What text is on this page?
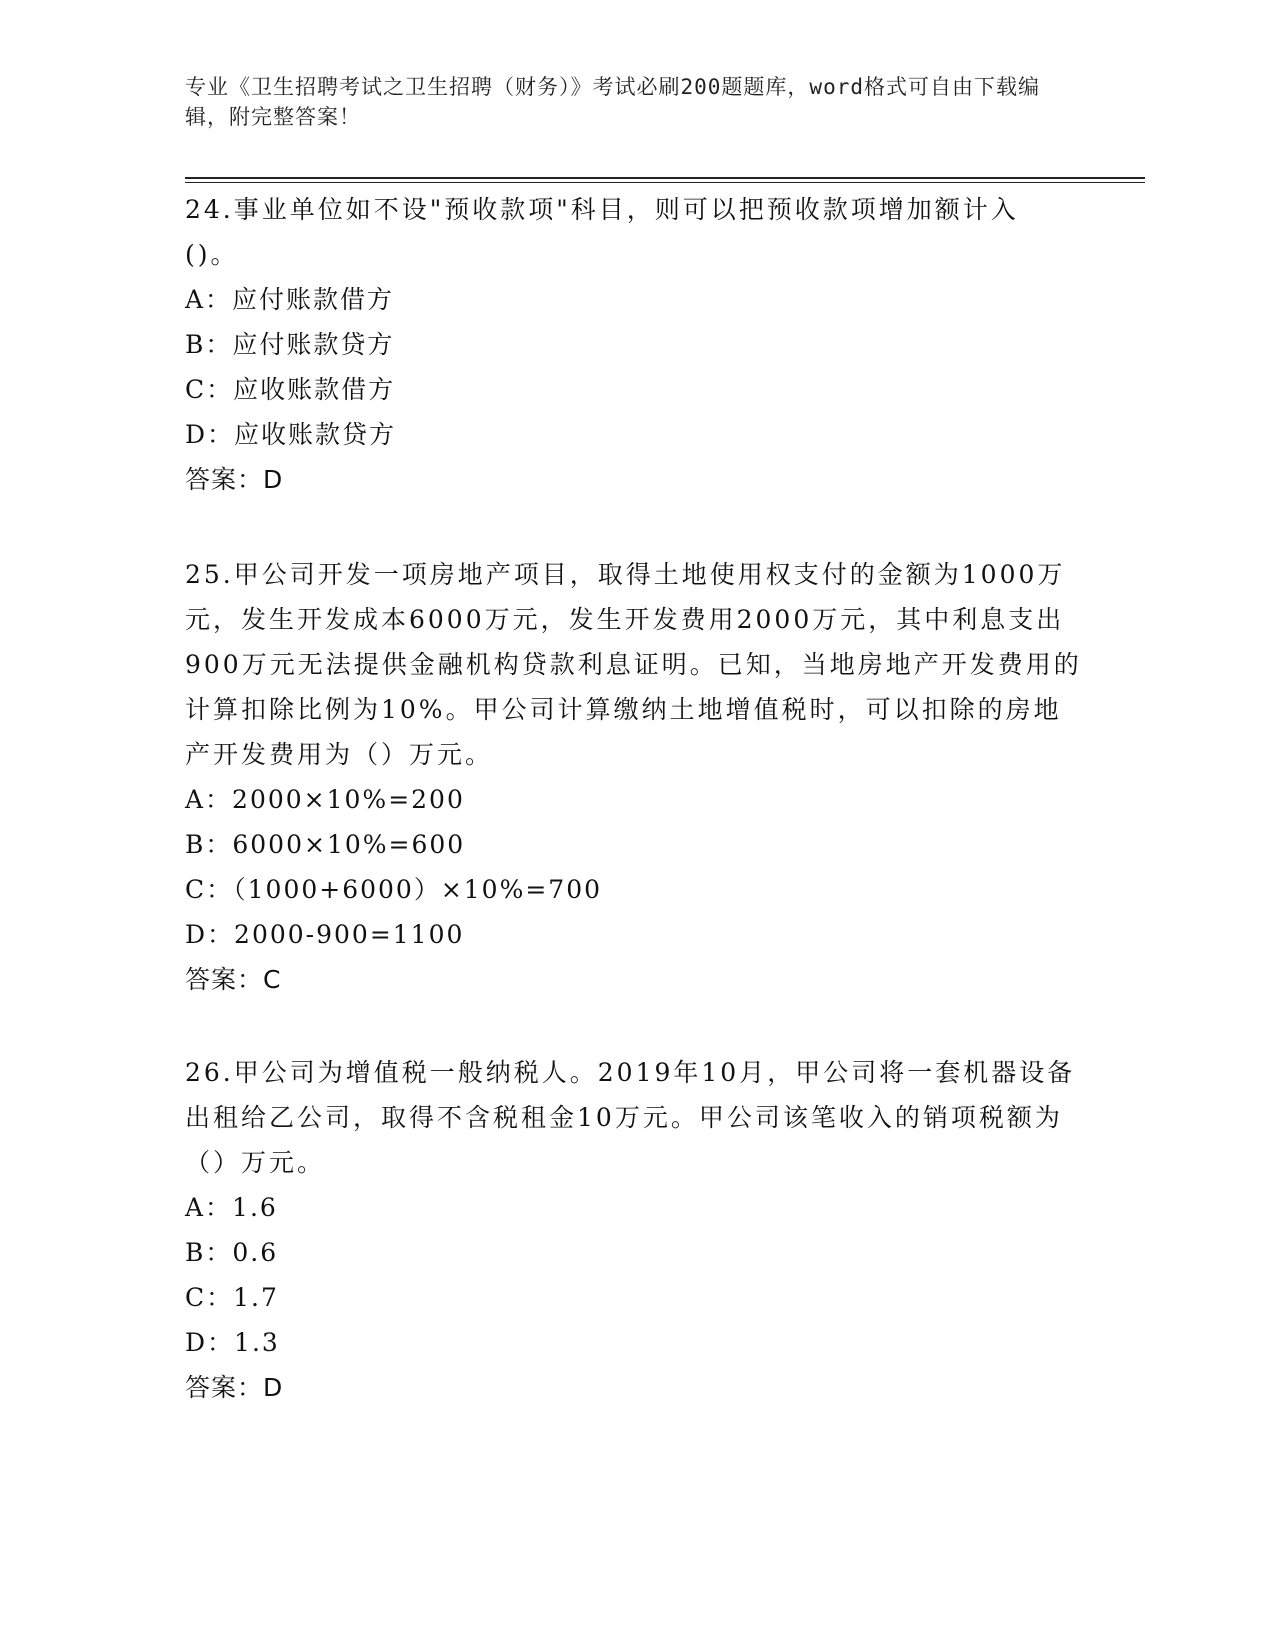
专业《卫生招聘考试之卫生招聘（财务）》考试必刷200题题库，word格式可自由下载编辑，附完整答案！

24.事业单位如不设"预收款项"科目，则可以把预收款项增加额计入()。

A：应付账款借方

B：应付账款贷方

C：应收账款借方

D：应收账款贷方

答案：D

25.甲公司开发一项房地产项目，取得土地使用权支付的金额为1000万元，发生开发成本6000万元，发生开发费用2000万元，其中利息支出900万元无法提供金融机构贷款利息证明。已知，当地房地产开发费用的计算扣除比例为10%。甲公司计算缴纳土地增值税时，可以扣除的房地产开发费用为（）万元。

A：2000×10%=200

B：6000×10%=600

C：（1000+6000）×10%=700

D：2000-900=1100

答案：C

26.甲公司为增值税一般纳税人。2019年10月，甲公司将一套机器设备出租给乙公司，取得不含税租金10万元。甲公司该笔收入的销项税额为（）万元。

A：1.6

B：0.6

C：1.7

D：1.3

答案：D
